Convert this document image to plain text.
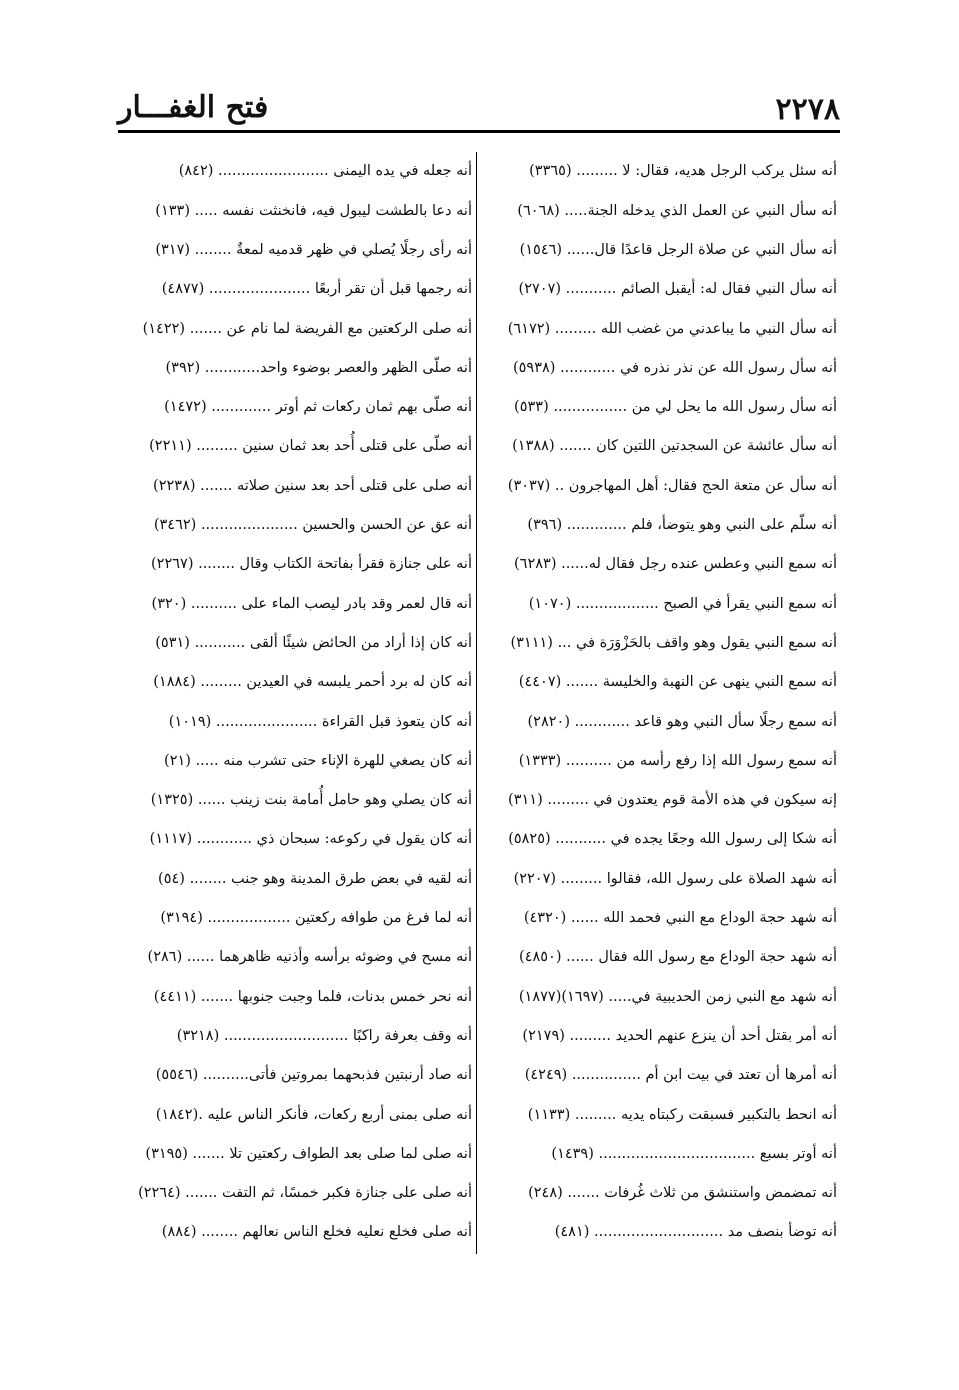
٢٢٧٨
فتح الغفـــار
أنه سئل يركب الرجل هديه، فقال: لا ......... (٣٣٦٥)
أنه سأل النبي عن العمل الذي يدخله الجنة..... (٦٠٦٨)
أنه سأل النبي عن صلاة الرجل قاعدًا قال...... (١٥٤٦)
أنه سأل النبي فقال له: أيقبل الصائم ........... (٢٧٠٧)
أنه سأل النبي ما يباعدني من غضب الله ......... (٦١٧٢)
أنه سأل رسول الله عن نذر نذره في ............ (٥٩٣٨)
أنه سأل رسول الله ما يحل لي من ................ (٥٣٣)
أنه سأل عائشة عن السجدتين اللتين كان ....... (١٣٨٨)
أنه سأل عن متعة الحج فقال: أهل المهاجرون .. (٣٠٣٧)
أنه سلّم على النبي وهو يتوضأ، فلم ............. (٣٩٦)
أنه سمع النبي وعطس عنده رجل فقال له...... (٦٢٨٣)
أنه سمع النبي يقرأ في الصبح .................. (١٠٧٠)
أنه سمع النبي يقول وهو واقف بالحَزْوَرَة في ... (٣١١١)
أنه سمع النبي ينهى عن النهبة والخليسة ....... (٤٤٠٧)
أنه سمع رجلًا سأل النبي وهو قاعد ............ (٢٨٢٠)
أنه سمع رسول الله إذا رفع رأسه من .......... (١٣٣٣)
إنه سيكون في هذه الأمة قوم يعتدون في ......... (٣١١)
أنه شكا إلى رسول الله وجعًا يجده في ........... (٥٨٢٥)
أنه شهد الصلاة على رسول الله، فقالوا ......... (٢٢٠٧)
أنه شهد حجة الوداع مع النبي فحمد الله ...... (٤٣٢٠)
أنه شهد حجة الوداع مع رسول الله فقال ...... (٤٨٥٠)
أنه شهد مع النبي زمن الحديبية في..... (١٦٩٧)(١٨٧٧)
أنه أمر بقتل أحد أن ينزع عنهم الحديد ......... (٢١٧٩)
أنه أمرها أن تعتد في بيت ابن أم ............... (٤٢٤٩)
أنه انحط بالتكبير فسبقت ركبتاه يديه ......... (١١٣٣)
أنه أوتر بسبع .................................. (١٤٣٩)
أنه تمضمض واستنشق من ثلاث غُرفات ....... (٢٤٨)
أنه توضأ بنصف مد ............................ (٤٨١)
أنه جعله في يده اليمنى ........................ (٨٤٢)
أنه دعا بالطشت ليبول فيه، فانخنثت نفسه ..... (١٣٣)
أنه رأى رجلًا يُصلي في ظهر قدميه لمعةٌ ........ (٣١٧)
أنه رجمها قبل أن تقر أربعًا ...................... (٤٨٧٧)
أنه صلى الركعتين مع الفريضة لما نام عن ....... (١٤٢٢)
أنه صلّى الظهر والعصر بوضوء واحد............ (٣٩٢)
أنه صلّى بهم ثمان ركعات ثم أوتر ............. (١٤٧٢)
أنه صلّى على قتلى أُحد بعد ثمان سنين ......... (٢٢١١)
أنه صلى على قتلى أحد بعد سنين صلاته ....... (٢٢٣٨)
أنه عق عن الحسن والحسين ..................... (٣٤٦٢)
أنه على جنازة فقرأ بفاتحة الكتاب وقال ........ (٢٢٦٧)
أنه قال لعمر وقد بادر ليصب الماء على .......... (٣٢٠)
أنه كان إذا أراد من الحائض شيئًا ألقى ........... (٥٣١)
أنه كان له برد أحمر يلبسه في العيدين ......... (١٨٨٤)
أنه كان يتعوذ قبل القراءة ...................... (١٠١٩)
أنه كان يصغي للهرة الإناء حتى تشرب منه ..... (٢١)
أنه كان يصلي وهو حامل أُمامة بنت زينب ...... (١٣٢٥)
أنه كان يقول في ركوعه: سبحان ذي ............ (١١١٧)
أنه لقيه في بعض طرق المدينة وهو جنب ........ (٥٤)
أنه لما فرغ من طوافه ركعتين .................. (٣١٩٤)
أنه مسح في وضوئه برأسه وأذنيه ظاهرهما ...... (٢٨٦)
أنه نحر خمس بدنات، فلما وجبت جنوبها ....... (٤٤١١)
أنه وقف بعرفة راكبًا ........................... (٣٢١٨)
أنه صاد أرنبتين فذبحهما بمروتين فأتى.......... (٥٥٤٦)
أنه صلى بمنى أربع ركعات، فأنكر الناس عليه .(١٨٤٢)
أنه صلى لما صلى بعد الطواف ركعتين تلا ....... (٣١٩٥)
أنه صلى على جنازة فكبر خمسًا، ثم التفت ....... (٢٢٦٤)
أنه صلى فخلع نعليه فخلع الناس نعالهم ........ (٨٨٤)
